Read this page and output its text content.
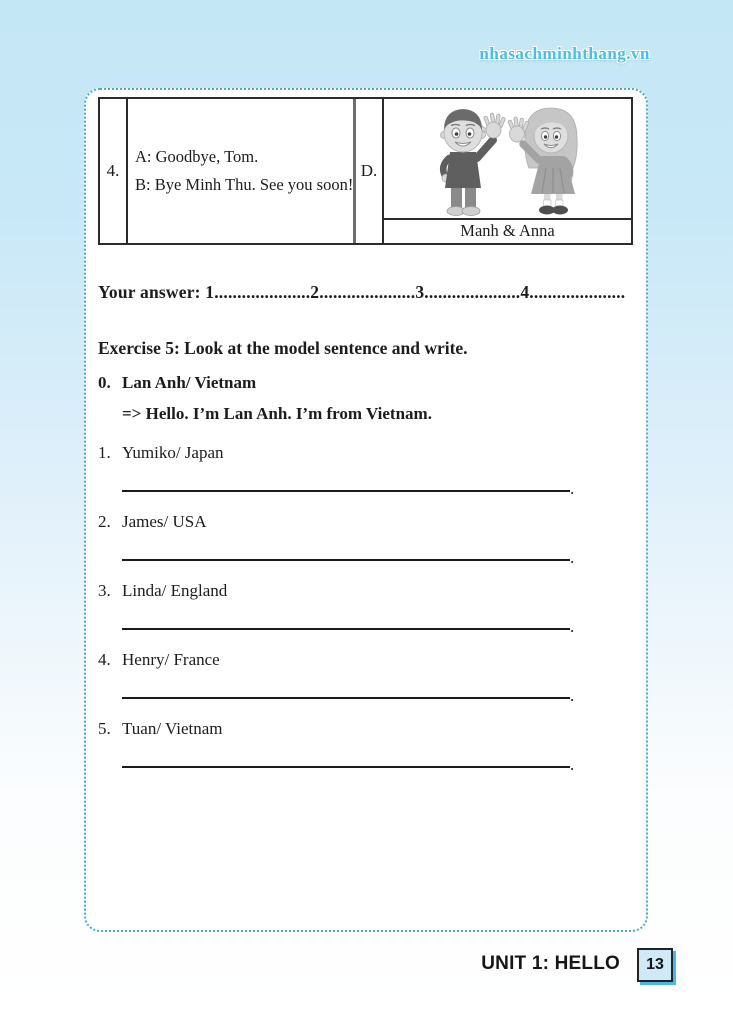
nhasachminhthang.vn
4.
A: Goodbye, Tom.
B: Bye Minh Thu. See you soon!
D.
Manh & Anna
Your answer: 1.....................2.....................3.....................4.....................
Exercise 5: Look at the model sentence and write.
0. Lan Anh/ Vietnam
=> Hello. I’m Lan Anh. I’m from Vietnam.
1. Yumiko/ Japan
.
2. James/ USA
.
3. Linda/ England
.
4. Henry/ France
.
5. Tuan/ Vietnam
.
UNIT 1: HELLO	13
